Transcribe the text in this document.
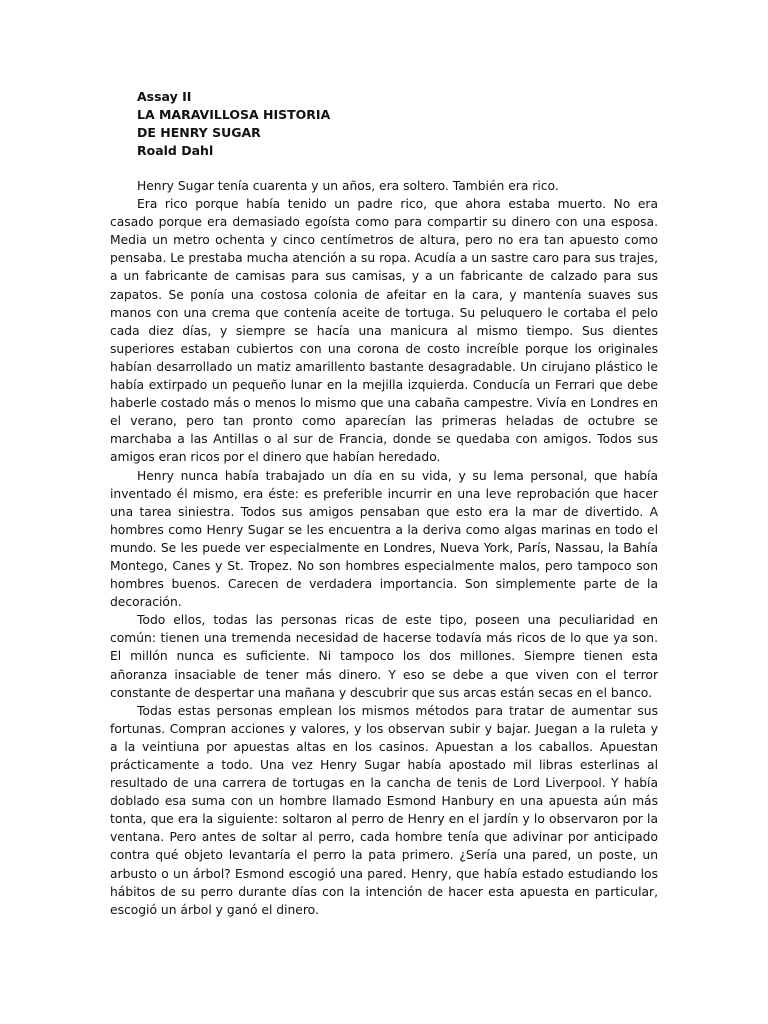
Assay II
LA MARAVILLOSA HISTORIA
DE HENRY SUGAR
Roald Dahl

Henry Sugar tenía cuarenta y un años, era soltero. También era rico.

Era rico porque había tenido un padre rico, que ahora estaba muerto. No era casado porque era demasiado egoísta como para compartir su dinero con una esposa. Media un metro ochenta y cinco centímetros de altura, pero no era tan apuesto como pensaba. Le prestaba mucha atención a su ropa. Acudía a un sastre caro para sus trajes, a un fabricante de camisas para sus camisas, y a un fabricante de calzado para sus zapatos. Se ponía una costosa colonia de afeitar en la cara, y mantenía suaves sus manos con una crema que contenía aceite de tortuga. Su peluquero le cortaba el pelo cada diez días, y siempre se hacía una manicura al mismo tiempo. Sus dientes superiores estaban cubiertos con una corona de costo increíble porque los originales habían desarrollado un matiz amarillento bastante desagradable. Un cirujano plástico le había extirpado un pequeño lunar en la mejilla izquierda. Conducía un Ferrari que debe haberle costado más o menos lo mismo que una cabaña campestre. Vivía en Londres en el verano, pero tan pronto como aparecían las primeras heladas de octubre se marchaba a las Antillas o al sur de Francia, donde se quedaba con amigos. Todos sus amigos eran ricos por el dinero que habían heredado.

Henry nunca había trabajado un día en su vida, y su lema personal, que había inventado él mismo, era éste: es preferible incurrir en una leve reprobación que hacer una tarea siniestra. Todos sus amigos pensaban que esto era la mar de divertido. A hombres como Henry Sugar se les encuentra a la deriva como algas marinas en todo el mundo. Se les puede ver especialmente en Londres, Nueva York, París, Nassau, la Bahía Montego, Canes y St. Tropez. No son hombres especialmente malos, pero tampoco son hombres buenos. Carecen de verdadera importancia. Son simplemente parte de la decoración.

Todo ellos, todas las personas ricas de este tipo, poseen una peculiaridad en común: tienen una tremenda necesidad de hacerse todavía más ricos de lo que ya son. El millón nunca es suficiente. Ni tampoco los dos millones. Siempre tienen esta añoranza insaciable de tener más dinero. Y eso se debe a que viven con el terror constante de despertar una mañana y descubrir que sus arcas están secas en el banco.

Todas estas personas emplean los mismos métodos para tratar de aumentar sus fortunas. Compran acciones y valores, y los observan subir y bajar. Juegan a la ruleta y a la veintiuna por apuestas altas en los casinos. Apuestan a los caballos. Apuestan prácticamente a todo. Una vez Henry Sugar había apostado mil libras esterlinas al resultado de una carrera de tortugas en la cancha de tenis de Lord Liverpool. Y había doblado esa suma con un hombre llamado Esmond Hanbury en una apuesta aún más tonta, que era la siguiente: soltaron al perro de Henry en el jardín y lo observaron por la ventana. Pero antes de soltar al perro, cada hombre tenía que adivinar por anticipado contra qué objeto levantaría el perro la pata primero. ¿Sería una pared, un poste, un arbusto o un árbol? Esmond escogió una pared. Henry, que había estado estudiando los hábitos de su perro durante días con la intención de hacer esta apuesta en particular, escogió un árbol y ganó el dinero.
